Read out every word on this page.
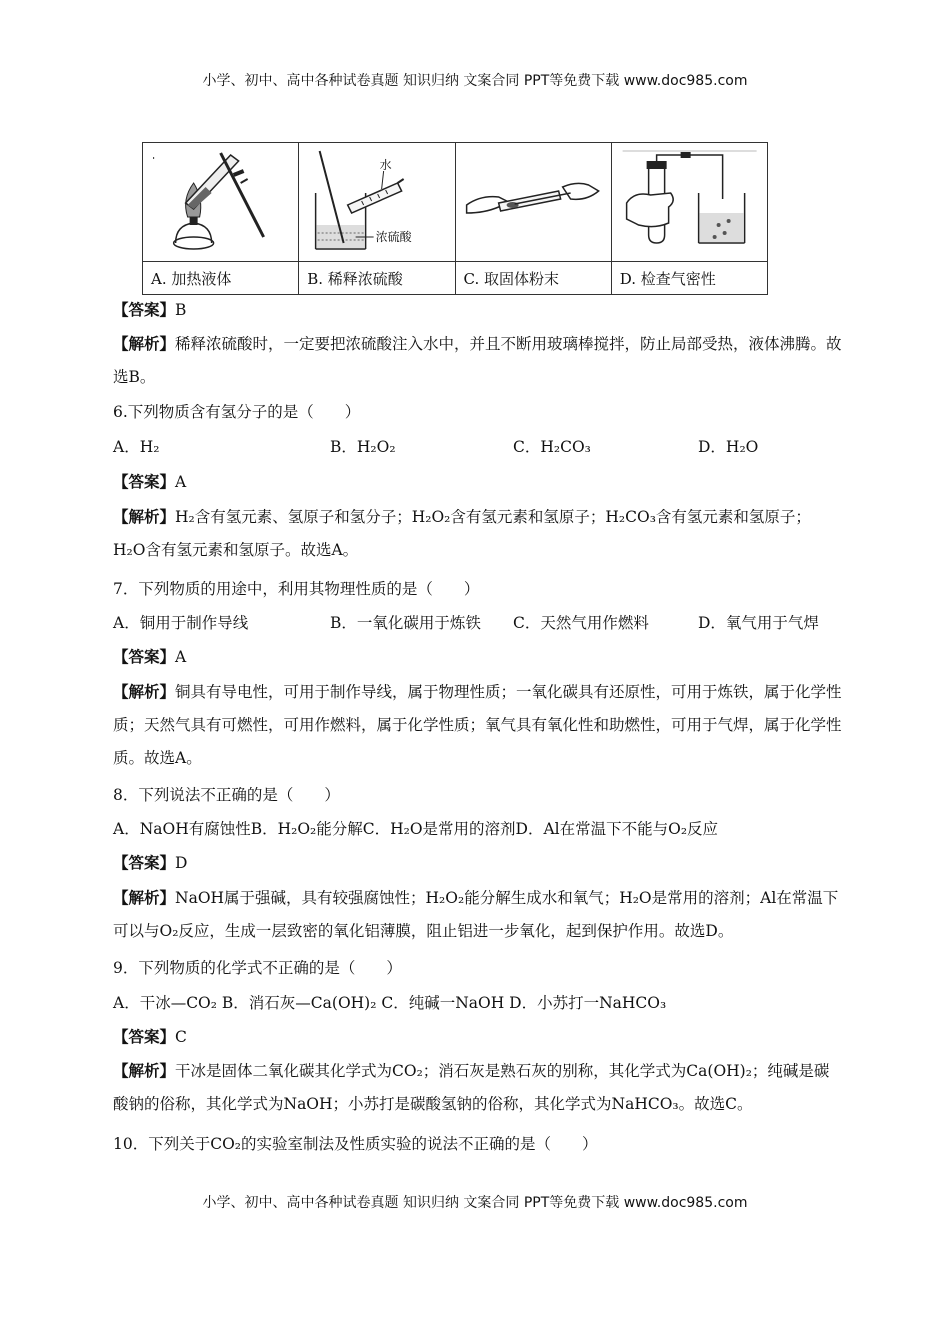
小学、初中、高中各种试卷真题 知识归纳 文案合同 PPT等免费下载 www.doc985.com

水
浓硫酸

A. 加热液体	B. 稀释浓硫酸	C. 取固体粉末	D. 检查气密性
【答案】B
【解析】稀释浓硫酸时，一定要把浓硫酸注入水中，并且不断用玻璃棒搅拌，防止局部受热，液体沸腾。故选B。
6.下列物质含有氢分子的是（　　）
A．H₂	B．H₂O₂	C．H₂CO₃	D．H₂O
【答案】A
【解析】H₂含有氢元素、氢原子和氢分子；H₂O₂含有氢元素和氢原子；H₂CO₃含有氢元素和氢原子；H₂O含有氢元素和氢原子。故选A。
7．下列物质的用途中，利用其物理性质的是（　　）
A．铜用于制作导线	B．一氧化碳用于炼铁 C．天然气用作燃料	D．氧气用于气焊
【答案】A
【解析】铜具有导电性，可用于制作导线，属于物理性质；一氧化碳具有还原性，可用于炼铁，属于化学性质；天然气具有可燃性，可用作燃料，属于化学性质；氧气具有氧化性和助燃性，可用于气焊，属于化学性质。故选A。
8．下列说法不正确的是（　　）
A．NaOH有腐蚀性B．H₂O₂能分解C．H₂O是常用的溶剂D．Al在常温下不能与O₂反应
【答案】D
【解析】NaOH属于强碱，具有较强腐蚀性；H₂O₂能分解生成水和氧气；H₂O是常用的溶剂；Al在常温下可以与O₂反应，生成一层致密的氧化铝薄膜，阻止铝进一步氧化，起到保护作用。故选D。
9．下列物质的化学式不正确的是（　　）
A．干冰—CO₂ B．消石灰—Ca(OH)₂ C．纯碱一NaOH D．小苏打一NaHCO₃
【答案】C
【解析】干冰是固体二氧化碳其化学式为CO₂；消石灰是熟石灰的别称，其化学式为Ca(OH)₂；纯碱是碳酸钠的俗称，其化学式为NaOH；小苏打是碳酸氢钠的俗称，其化学式为NaHCO₃。故选C。
10．下列关于CO₂的实验室制法及性质实验的说法不正确的是（　　）
小学、初中、高中各种试卷真题 知识归纳 文案合同 PPT等免费下载 www.doc985.com
